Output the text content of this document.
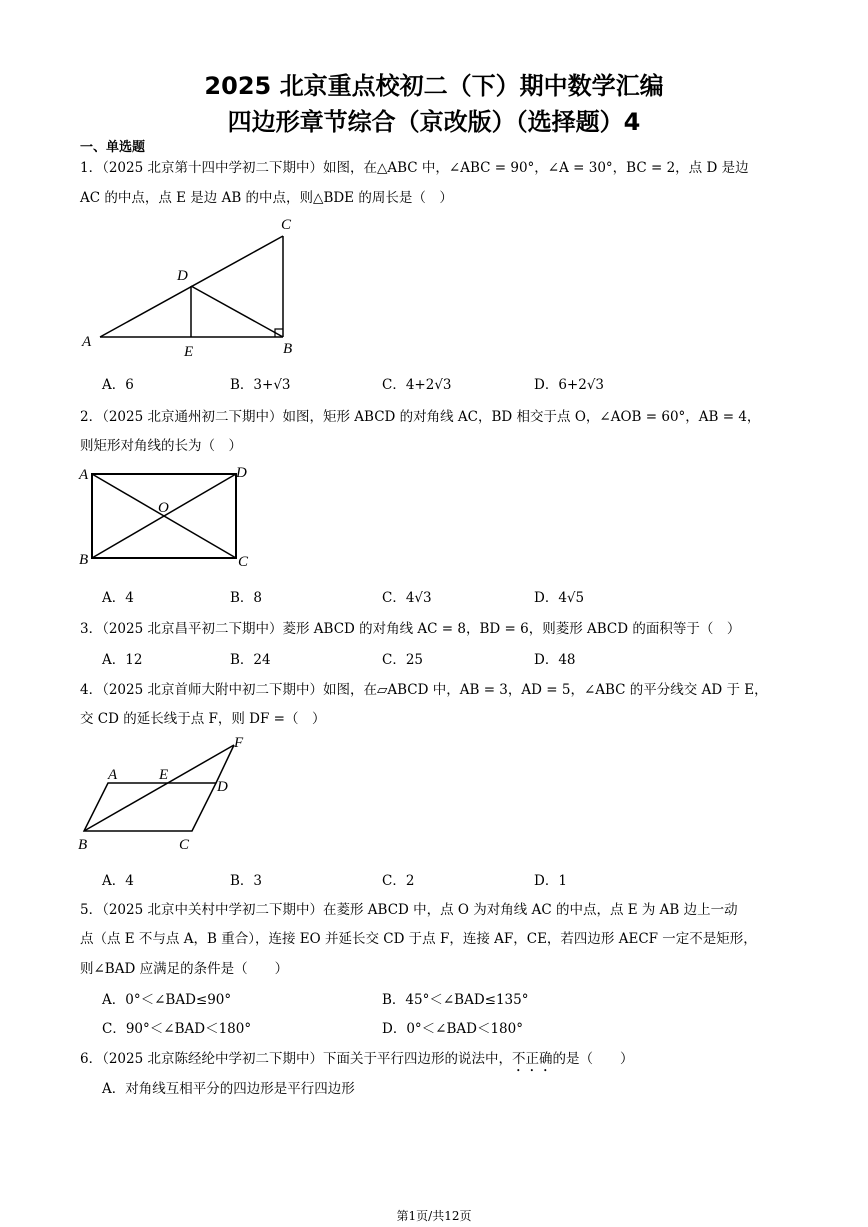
2025 北京重点校初二（下）期中数学汇编
四边形章节综合（京改版）（选择题）4
一、单选题
1．（2025 北京第十四中学初二下期中）如图，在△ABC 中，∠ABC = 90°，∠A = 30°，BC = 2，点 D 是边
AC 的中点，点 E 是边 AB 的中点，则△BDE 的周长是（　）
A	B
C
D
E
A．6	B．3+√3	C．4+2√3	D．6+2√3
2．（2025 北京通州初二下期中）如图，矩形 ABCD 的对角线 AC，BD 相交于点 O，∠AOB = 60°，AB = 4，
则矩形对角线的长为（　）
A
B	C
D
O
A．4	B．8	C．4√3	D．4√5
3．（2025 北京昌平初二下期中）菱形 ABCD 的对角线 AC = 8，BD = 6，则菱形 ABCD 的面积等于（　）
A．12	B．24	C．25	D．48
4．（2025 北京首师大附中初二下期中）如图，在▱ABCD 中，AB = 3，AD = 5，∠ABC 的平分线交 AD 于 E，
交 CD 的延长线于点 F，则 DF =（　）
A
B	C
D
E
F
A．4	B．3	C．2	D．1
5．（2025 北京中关村中学初二下期中）在菱形 ABCD 中，点 O 为对角线 AC 的中点，点 E 为 AB 边上一动
点（点 E 不与点 A，B 重合），连接 EO 并延长交 CD 于点 F，连接 AF，CE，若四边形 AECF 一定不是矩形，
则∠BAD 应满足的条件是（　　）
A．0°＜∠BAD≤90°	B．45°＜∠BAD≤135°
C．90°＜∠BAD＜180°	D．0°＜∠BAD＜180°
6．（2025 北京陈经纶中学初二下期中）下面关于平行四边形的说法中，不正确的是（　　）
A．对角线互相平分的四边形是平行四边形
第1页/共12页
